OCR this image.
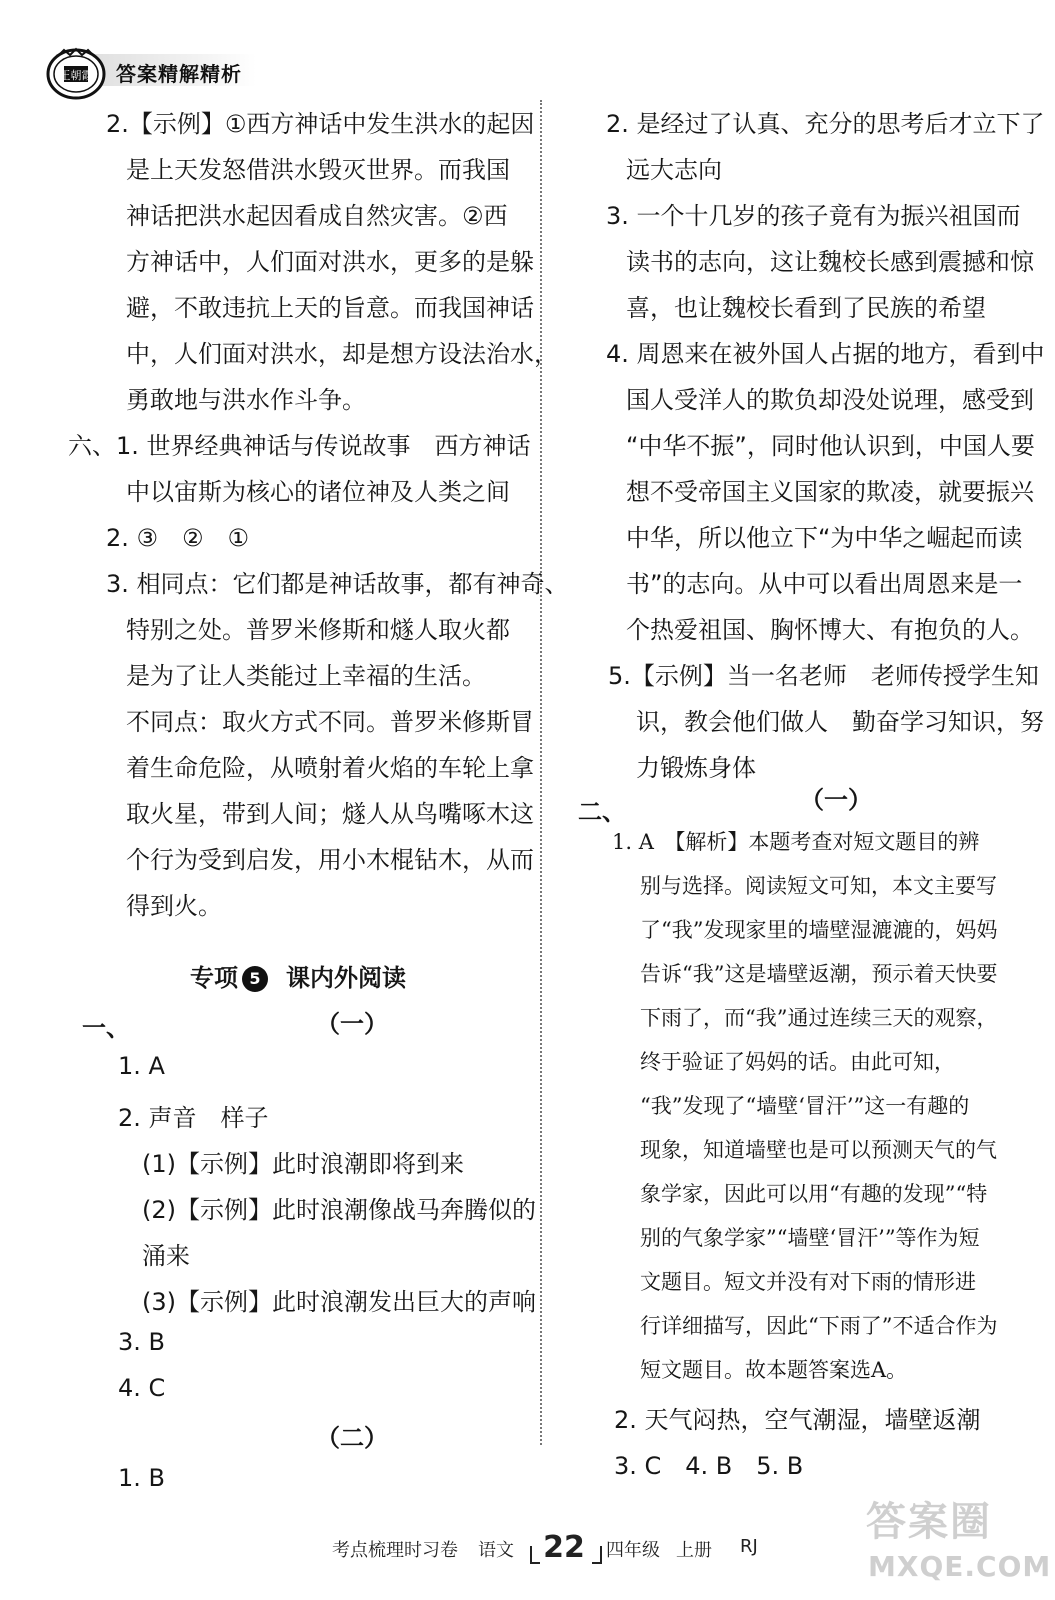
王朝霞 答案精解精析
2.【示例】①西方神话中发生洪水的起因
是上天发怒借洪水毁灭世界。而我国
神话把洪水起因看成自然灾害。②西
方神话中，人们面对洪水，更多的是躲
避，不敢违抗上天的旨意。而我国神话
中，人们面对洪水，却是想方设法治水，
勇敢地与洪水作斗争。
六、1. 世界经典神话与传说故事　西方神话
中以宙斯为核心的诸位神及人类之间
2. ③　②　①
3. 相同点：它们都是神话故事，都有神奇、
特别之处。普罗米修斯和燧人取火都
是为了让人类能过上幸福的生活。
不同点：取火方式不同。普罗米修斯冒
着生命危险，从喷射着火焰的车轮上拿
取火星，带到人间；燧人从鸟嘴啄木这
个行为受到启发，用小木棍钻木，从而
得到火。
专项 5 课内外阅读
一、	（一）
1. A
2. 声音　样子
(1)【示例】此时浪潮即将到来
(2)【示例】此时浪潮像战马奔腾似的
涌来
(3)【示例】此时浪潮发出巨大的声响
3. B
4. C
（二）
1. B
2. 是经过了认真、充分的思考后才立下了
远大志向
3. 一个十几岁的孩子竟有为振兴祖国而
读书的志向，这让魏校长感到震撼和惊
喜，也让魏校长看到了民族的希望
4. 周恩来在被外国人占据的地方，看到中
国人受洋人的欺负却没处说理，感受到
“中华不振”，同时他认识到，中国人要
想不受帝国主义国家的欺凌，就要振兴
中华，所以他立下“为中华之崛起而读
书”的志向。从中可以看出周恩来是一
个热爱祖国、胸怀博大、有抱负的人。
5.【示例】当一名老师　老师传授学生知
识，教会他们做人　勤奋学习知识，努
力锻炼身体
二、	（一）
1. A　【解析】本题考查对短文题目的辨
别与选择。阅读短文可知，本文主要写
了“我”发现家里的墙壁湿漉漉的，妈妈
告诉“我”这是墙壁返潮，预示着天快要
下雨了，而“我”通过连续三天的观察，
终于验证了妈妈的话。由此可知，
“我”发现了“墙壁‘冒汗’”这一有趣的
现象，知道墙壁也是可以预测天气的气
象学家，因此可以用“有趣的发现”“特
别的气象学家”“墙壁‘冒汗’”等作为短
文题目。短文并没有对下雨的情形进
行详细描写，因此“下雨了”不适合作为
短文题目。故本题答案选A。
2. 天气闷热，空气潮湿，墙壁返潮
3. C　4. B　5. B
考点梳理时习卷 语文 22	四年级 上册 RJ
答案圈
MXQE.COM
